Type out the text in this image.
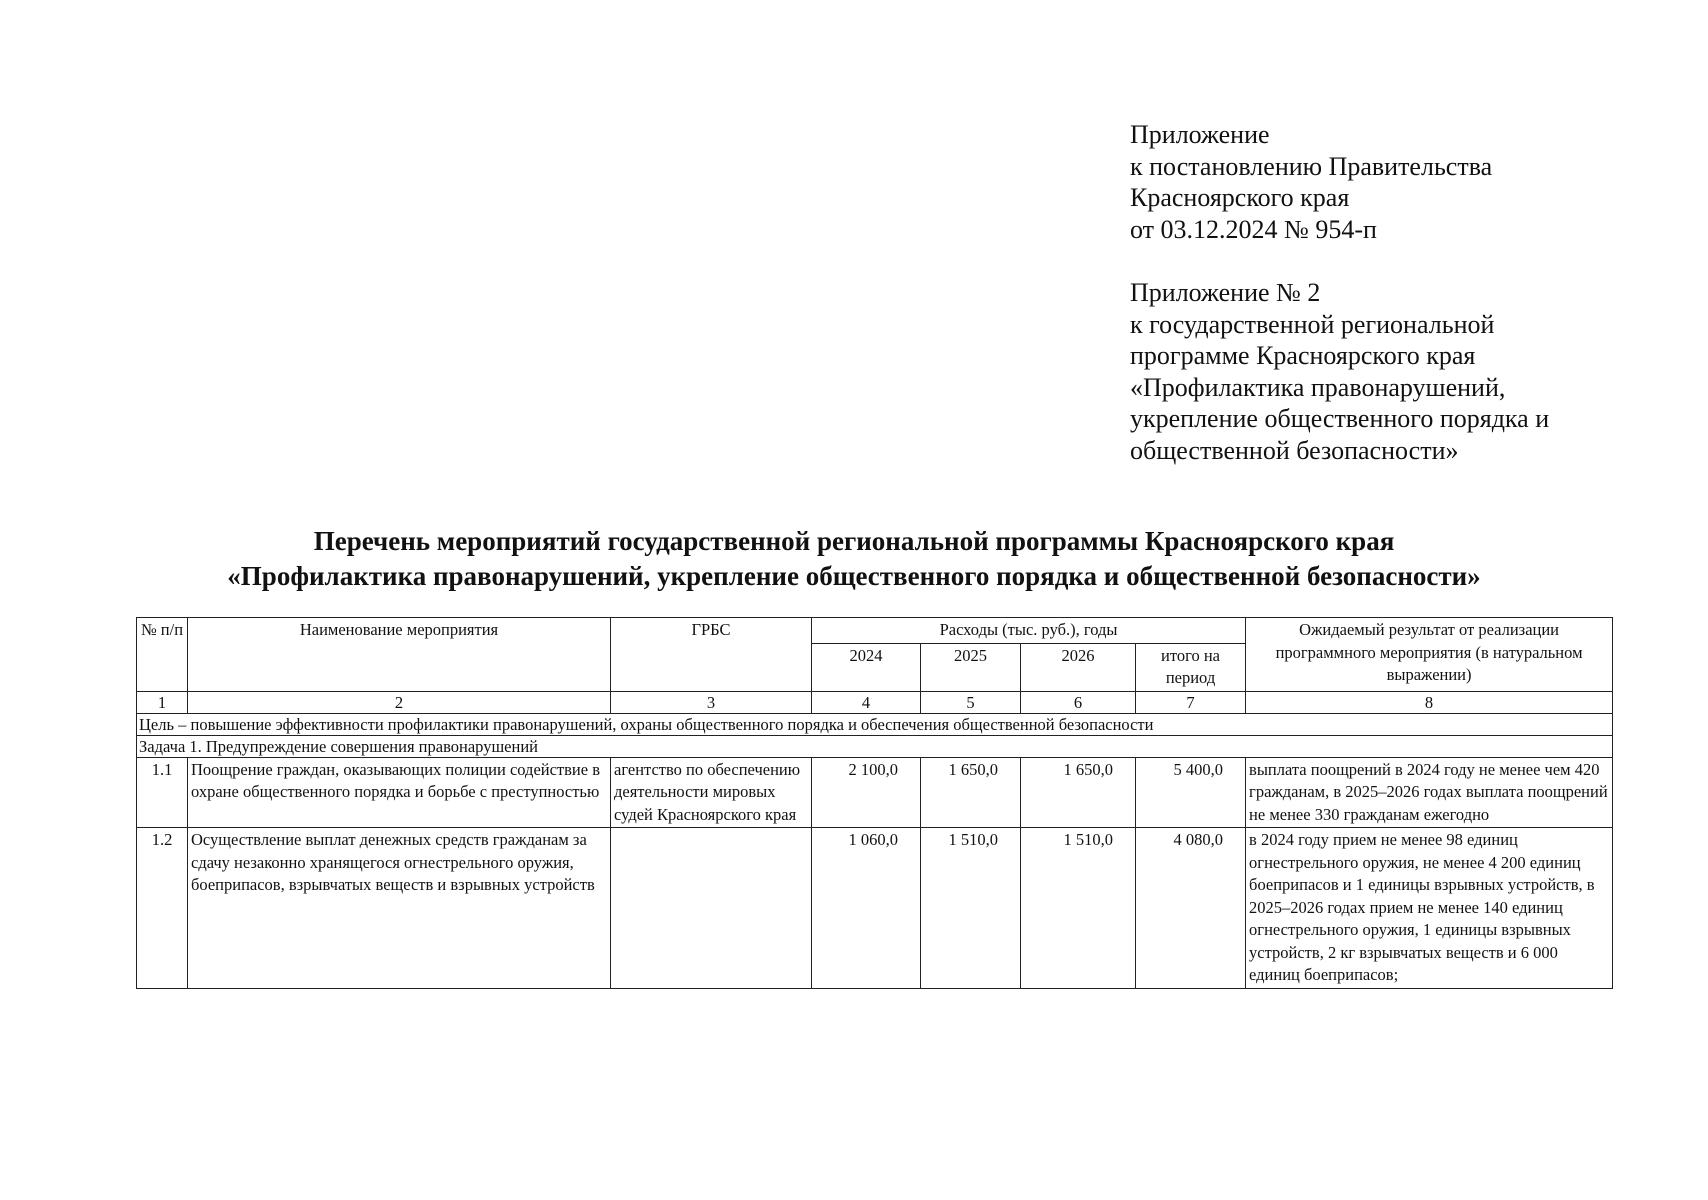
Приложение
к постановлению Правительства
Красноярского края
от 03.12.2024 № 954-п
Приложение № 2
к государственной региональной
программе Красноярского края
«Профилактика правонарушений,
укрепление общественного порядка и
общественной безопасности»
Перечень мероприятий государственной региональной программы Красноярского края
«Профилактика правонарушений, укрепление общественного порядка и общественной безопасности»
№ п/п	Наименование мероприятия	ГРБС	Расходы (тыс. руб.), годы				Ожидаемый результат от реализации программного мероприятия (в натуральном выражении)
			2024	2025	2026	итого на период	
1	2	3	4	5	6	7	8
Цель – повышение эффективности профилактики правонарушений, охраны общественного порядка и обеспечения общественной безопасности							
Задача 1. Предупреждение совершения правонарушений							
1.1	Поощрение граждан, оказывающих полиции содействие в охране общественного порядка и борьбе с преступностью	агентство по обеспечению деятельности мировых судей Красноярского края	2 100,0	1 650,0	1 650,0	5 400,0	выплата поощрений в 2024 году не менее чем 420 гражданам, в 2025–2026 годах выплата поощрений не менее 330 гражданам ежегодно
1.2	Осуществление выплат денежных средств гражданам за сдачу незаконно хранящегося огнестрельного оружия, боеприпасов, взрывчатых веществ и взрывных устройств		1 060,0	1 510,0	1 510,0	4 080,0	в 2024 году прием не менее 98 единиц огнестрельного оружия, не менее 4 200 единиц боеприпасов и 1 единицы взрывных устройств, в 2025–2026 годах прием не менее 140 единиц огнестрельного оружия, 1 единицы взрывных устройств, 2 кг взрывчатых веществ и 6 000 единиц боеприпасов;
